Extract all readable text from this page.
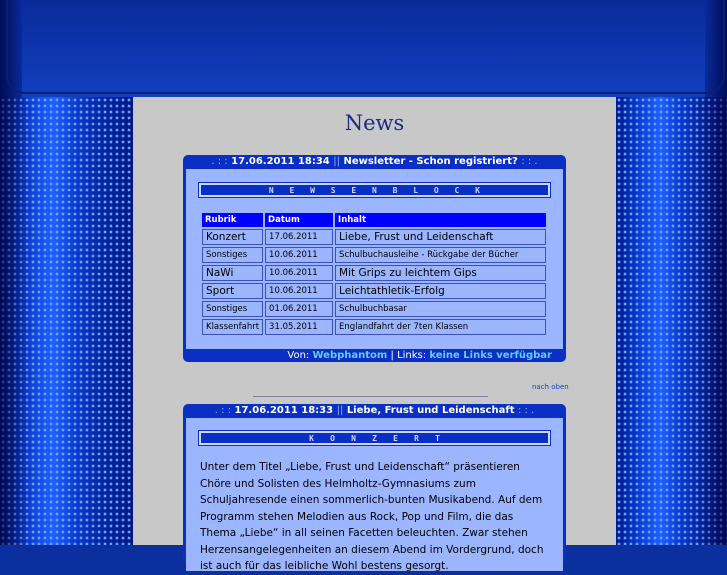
News
. : : 17.06.2011 18:34 || Newsletter - Schon registriert? : : .
N E W S E N B L O C K
Rubrik	Datum	Inhalt
Konzert	17.06.2011	Liebe, Frust und Leidenschaft
Sonstiges	10.06.2011	Schulbuchausleihe - Rückgabe der Bücher
NaWi	10.06.2011	Mit Grips zu leichtem Gips
Sport	10.06.2011	Leichtathletik-Erfolg
Sonstiges	01.06.2011	Schulbuchbasar
Klassenfahrt	31.05.2011	Englandfahrt der 7ten Klassen
Von: Webphantom | Links: keine Links verfügbar
nach oben
. : : 17.06.2011 18:33 || Liebe, Frust und Leidenschaft : : .
K O N Z E R T
Unter dem Titel „Liebe, Frust und Leidenschaft“ präsentieren Chöre und Solisten des Helmholtz-Gymnasiums zum Schuljahresende einen sommerlich-bunten Musikabend. Auf dem Programm stehen Melodien aus Rock, Pop und Film, die das Thema „Liebe“ in all seinen Facetten beleuchten. Zwar stehen Herzensangelegenheiten an diesem Abend im Vordergrund, doch ist auch für das leibliche Wohl bestens gesorgt.
